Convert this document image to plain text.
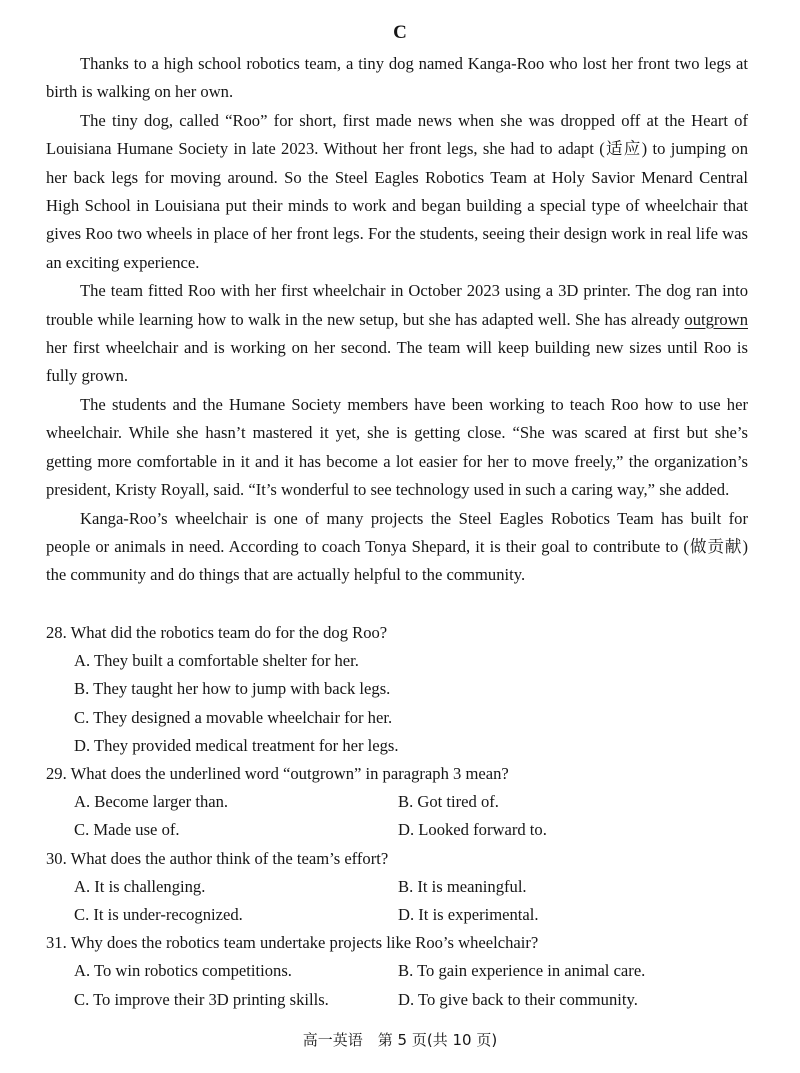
C

Thanks to a high school robotics team, a tiny dog named Kanga-Roo who lost her front two legs at birth is walking on her own.

The tiny dog, called “Roo” for short, first made news when she was dropped off at the Heart of Louisiana Humane Society in late 2023. Without her front legs, she had to adapt (适应) to jumping on her back legs for moving around. So the Steel Eagles Robotics Team at Holy Savior Menard Central High School in Louisiana put their minds to work and began building a special type of wheelchair that gives Roo two wheels in place of her front legs. For the students, seeing their design work in real life was an exciting experience.

The team fitted Roo with her first wheelchair in October 2023 using a 3D printer. The dog ran into trouble while learning how to walk in the new setup, but she has adapted well. She has already outgrown her first wheelchair and is working on her second. The team will keep building new sizes until Roo is fully grown.

The students and the Humane Society members have been working to teach Roo how to use her wheelchair. While she hasn’t mastered it yet, she is getting close. “She was scared at first but she’s getting more comfortable in it and it has become a lot easier for her to move freely,” the organization’s president, Kristy Royall, said. “It’s wonderful to see technology used in such a caring way,” she added.

Kanga-Roo’s wheelchair is one of many projects the Steel Eagles Robotics Team has built for people or animals in need. According to coach Tonya Shepard, it is their goal to contribute to (做贡献) the community and do things that are actually helpful to the community.

28. What did the robotics team do for the dog Roo?
A. They built a comfortable shelter for her.
B. They taught her how to jump with back legs.
C. They designed a movable wheelchair for her.
D. They provided medical treatment for her legs.
29. What does the underlined word “outgrown” in paragraph 3 mean?
A. Become larger than.	B. Got tired of.
C. Made use of.	D. Looked forward to.
30. What does the author think of the team’s effort?
A. It is challenging.	B. It is meaningful.
C. It is under-recognized.	D. It is experimental.
31. Why does the robotics team undertake projects like Roo’s wheelchair?
A. To win robotics competitions.	B. To gain experience in animal care.
C. To improve their 3D printing skills.	D. To give back to their community.
高一英语　第 5 页(共 10 页)
